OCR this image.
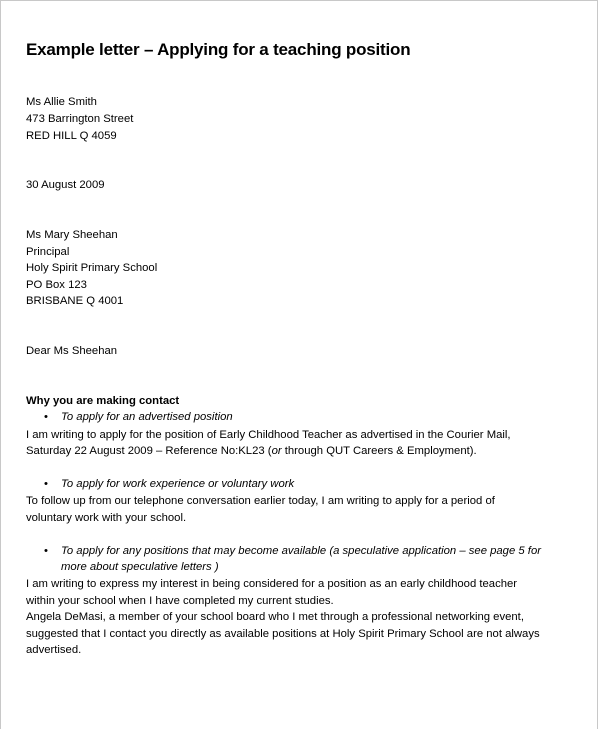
Example letter – Applying for a teaching position
Ms Allie Smith
473 Barrington Street
RED HILL Q 4059
30 August 2009
Ms Mary Sheehan
Principal
Holy Spirit Primary School
PO Box 123
BRISBANE Q 4001
Dear Ms Sheehan
Why you are making contact
• To apply for an advertised position
I am writing to apply for the position of Early Childhood Teacher as advertised in the Courier Mail,
Saturday 22 August 2009 – Reference No:KL23 (or through QUT Careers & Employment).
• To apply for work experience or voluntary work
To follow up from our telephone conversation earlier today, I am writing to apply for a period of
voluntary work with your school.
• To apply for any positions that may become available (a speculative application – see page 5 for
more about speculative letters )
I am writing to express my interest in being considered for a position as an early childhood teacher
within your school when I have completed my current studies.
Angela DeMasi, a member of your school board who I met through a professional networking event,
suggested that I contact you directly as available positions at Holy Spirit Primary School are not always
advertised.
